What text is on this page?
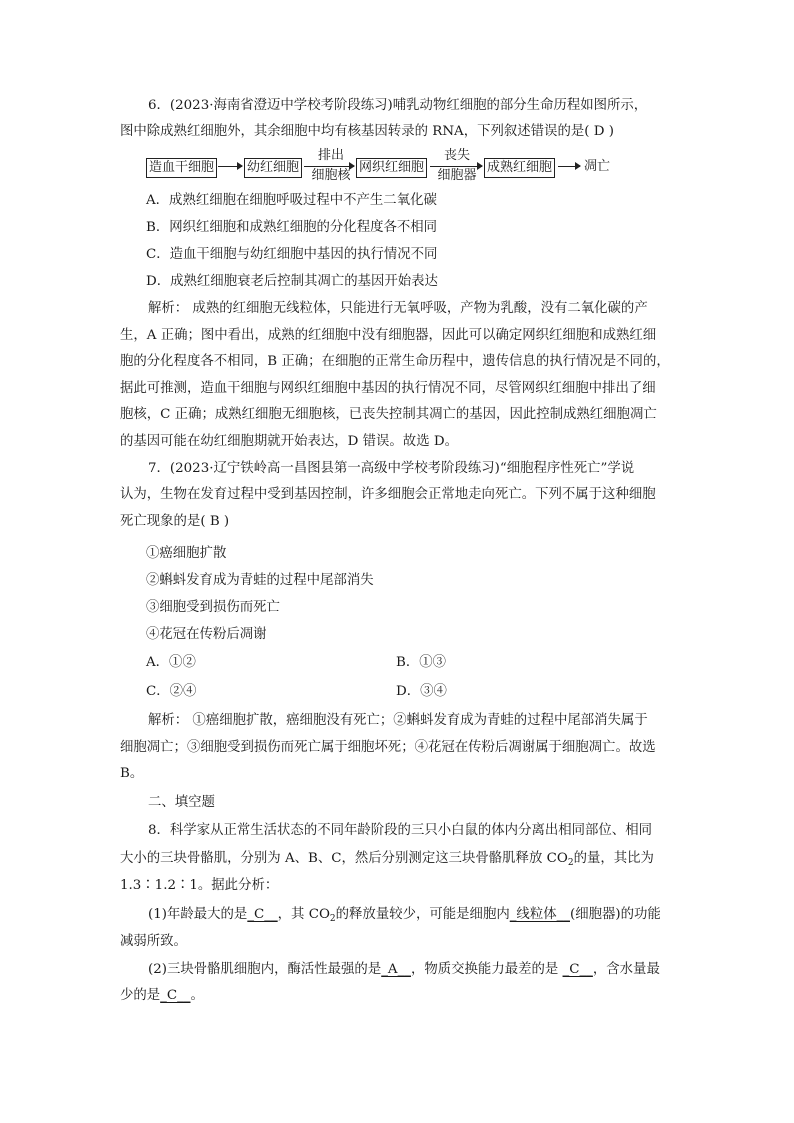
6．(2023·海南省澄迈中学校考阶段练习)哺乳动物红细胞的部分生命历程如图所示，
图中除成熟红细胞外，其余细胞中均有核基因转录的 RNA，下列叙述错误的是( D )
造血干细胞	幼红细胞
排出
细胞核
网织红细胞
丧失
细胞器
成熟红细胞 凋亡
A．成熟红细胞在细胞呼吸过程中不产生二氧化碳
B．网织红细胞和成熟红细胞的分化程度各不相同
C．造血干细胞与幼红细胞中基因的执行情况不同
D．成熟红细胞衰老后控制其凋亡的基因开始表达
解析： 成熟的红细胞无线粒体，只能进行无氧呼吸，产物为乳酸，没有二氧化碳的产
生，A 正确；图中看出，成熟的红细胞中没有细胞器，因此可以确定网织红细胞和成熟红细
胞的分化程度各不相同，B 正确；在细胞的正常生命历程中，遗传信息的执行情况是不同的，
据此可推测，造血干细胞与网织红细胞中基因的执行情况不同，尽管网织红细胞中排出了细
胞核，C 正确；成熟红细胞无细胞核，已丧失控制其凋亡的基因，因此控制成熟红细胞凋亡
的基因可能在幼红细胞期就开始表达，D 错误。故选 D。
7．(2023·辽宁铁岭高一昌图县第一高级中学校考阶段练习)“细胞程序性死亡”学说
认为，生物在发育过程中受到基因控制，许多细胞会正常地走向死亡。下列不属于这种细胞
死亡现象的是( B )
①癌细胞扩散
②蝌蚪发育成为青蛙的过程中尾部消失
③细胞受到损伤而死亡
④花冠在传粉后凋谢
A．①②	B．①③
C．②④	D．③④
解析： ①癌细胞扩散，癌细胞没有死亡；②蝌蚪发育成为青蛙的过程中尾部消失属于
细胞凋亡；③细胞受到损伤而死亡属于细胞坏死；④花冠在传粉后凋谢属于细胞凋亡。故选
B。
二、填空题
8．科学家从正常生活状态的不同年龄阶段的三只小白鼠的体内分离出相同部位、相同
大小的三块骨骼肌，分别为 A、B、C，然后分别测定这三块骨骼肌释放 $CO_2$的量，其比为
1.3∶1.2∶1。据此分析：
(1)年龄最大的是_C__，其 $CO_2$的释放量较少，可能是细胞内_线粒体__(细胞器)的功能
减弱所致。
(2)三块骨骼肌细胞内，酶活性最强的是_A__，物质交换能力最差的是 _C__，含水量最
少的是_C__。
